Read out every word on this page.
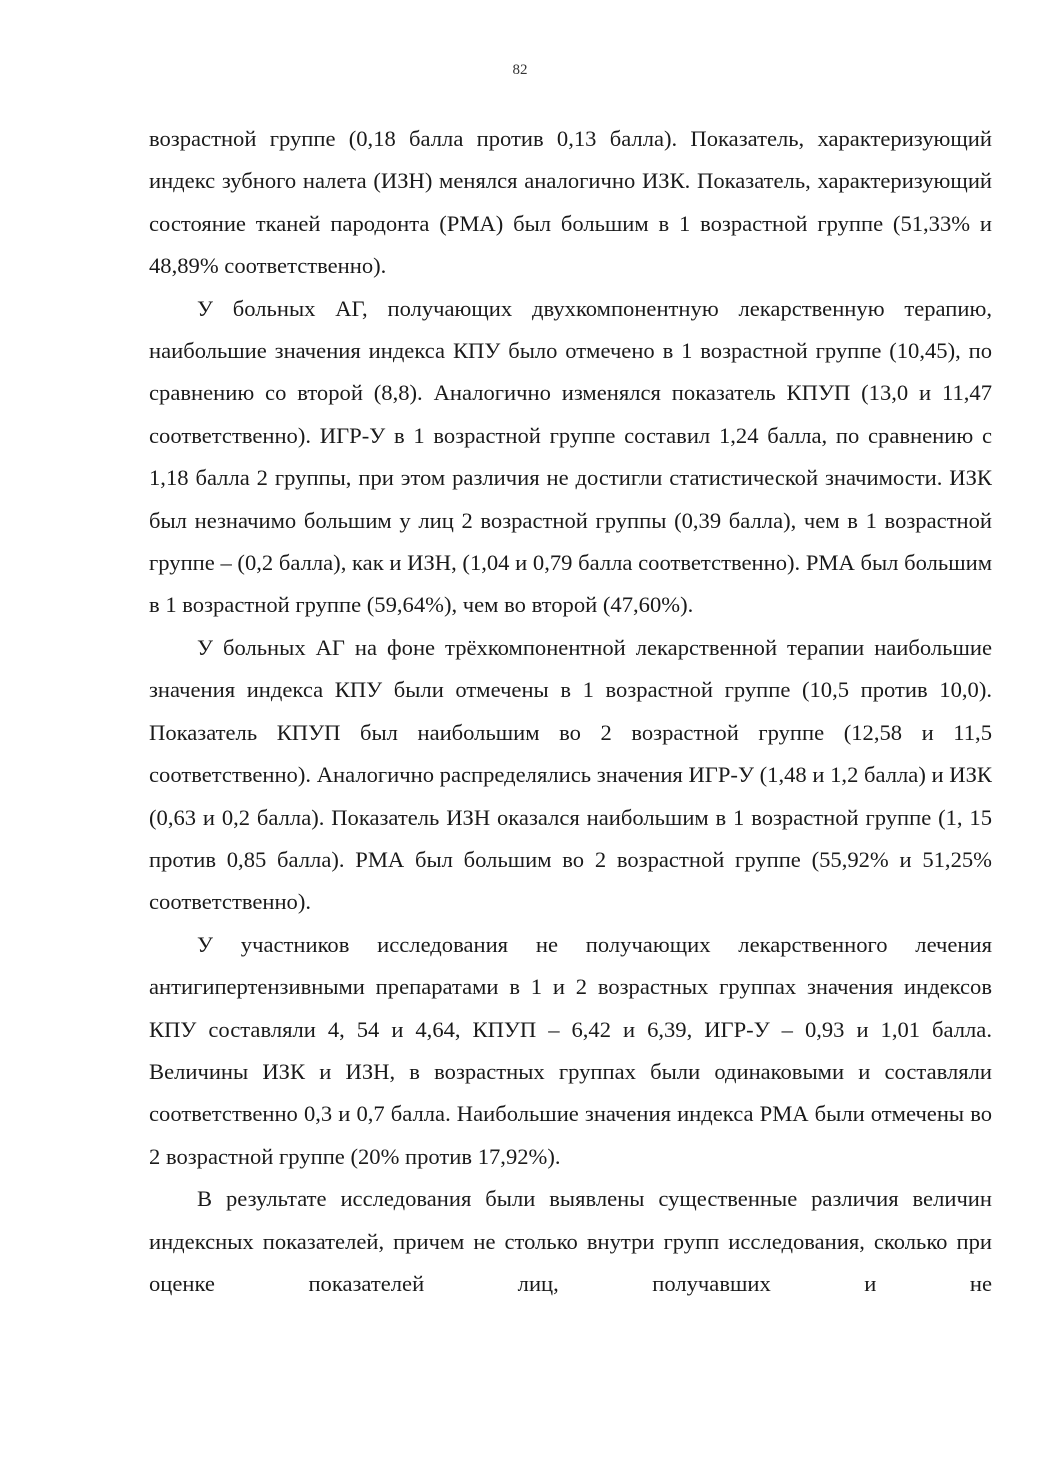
82

возрастной группе (0,18 балла против 0,13 балла). Показатель, характеризующий индекс зубного налета (ИЗН) менялся аналогично ИЗК. Показатель, характеризующий состояние тканей пародонта (РМА) был большим в 1 возрастной группе (51,33% и 48,89% соответственно).

У больных АГ, получающих двухкомпонентную лекарственную терапию, наибольшие значения индекса КПУ было отмечено в 1 возрастной группе (10,45), по сравнению со второй (8,8). Аналогично изменялся показатель КПУП (13,0 и 11,47 соответственно). ИГР-У в 1 возрастной группе составил 1,24 балла, по сравнению с 1,18 балла 2 группы, при этом различия не достигли статистической значимости. ИЗК был незначимо большим у лиц 2 возрастной группы (0,39 балла), чем в 1 возрастной группе – (0,2 балла), как и ИЗН, (1,04 и 0,79 балла соответственно). РМА был большим в 1 возрастной группе (59,64%), чем во второй (47,60%).

У больных АГ на фоне трёхкомпонентной лекарственной терапии наибольшие значения индекса КПУ были отмечены в 1 возрастной группе (10,5 против 10,0). Показатель КПУП был наибольшим во 2 возрастной группе (12,58 и 11,5 соответственно). Аналогично распределялись значения ИГР-У (1,48 и 1,2 балла) и ИЗК (0,63 и 0,2 балла). Показатель ИЗН оказался наибольшим в 1 возрастной группе (1, 15 против 0,85 балла). РМА был большим во 2 возрастной группе (55,92% и 51,25% соответственно).

У участников исследования не получающих лекарственного лечения антигипертензивными препаратами в 1 и 2 возрастных группах значения индексов КПУ составляли 4, 54 и 4,64, КПУП – 6,42 и 6,39, ИГР-У – 0,93 и 1,01 балла. Величины ИЗК и ИЗН, в возрастных группах были одинаковыми и составляли соответственно 0,3 и 0,7 балла. Наибольшие значения индекса РМА были отмечены во 2 возрастной группе (20% против 17,92%).

В результате исследования были выявлены существенные различия величин индексных показателей, причем не столько внутри групп исследования, сколько при оценке показателей лиц, получавших и не
